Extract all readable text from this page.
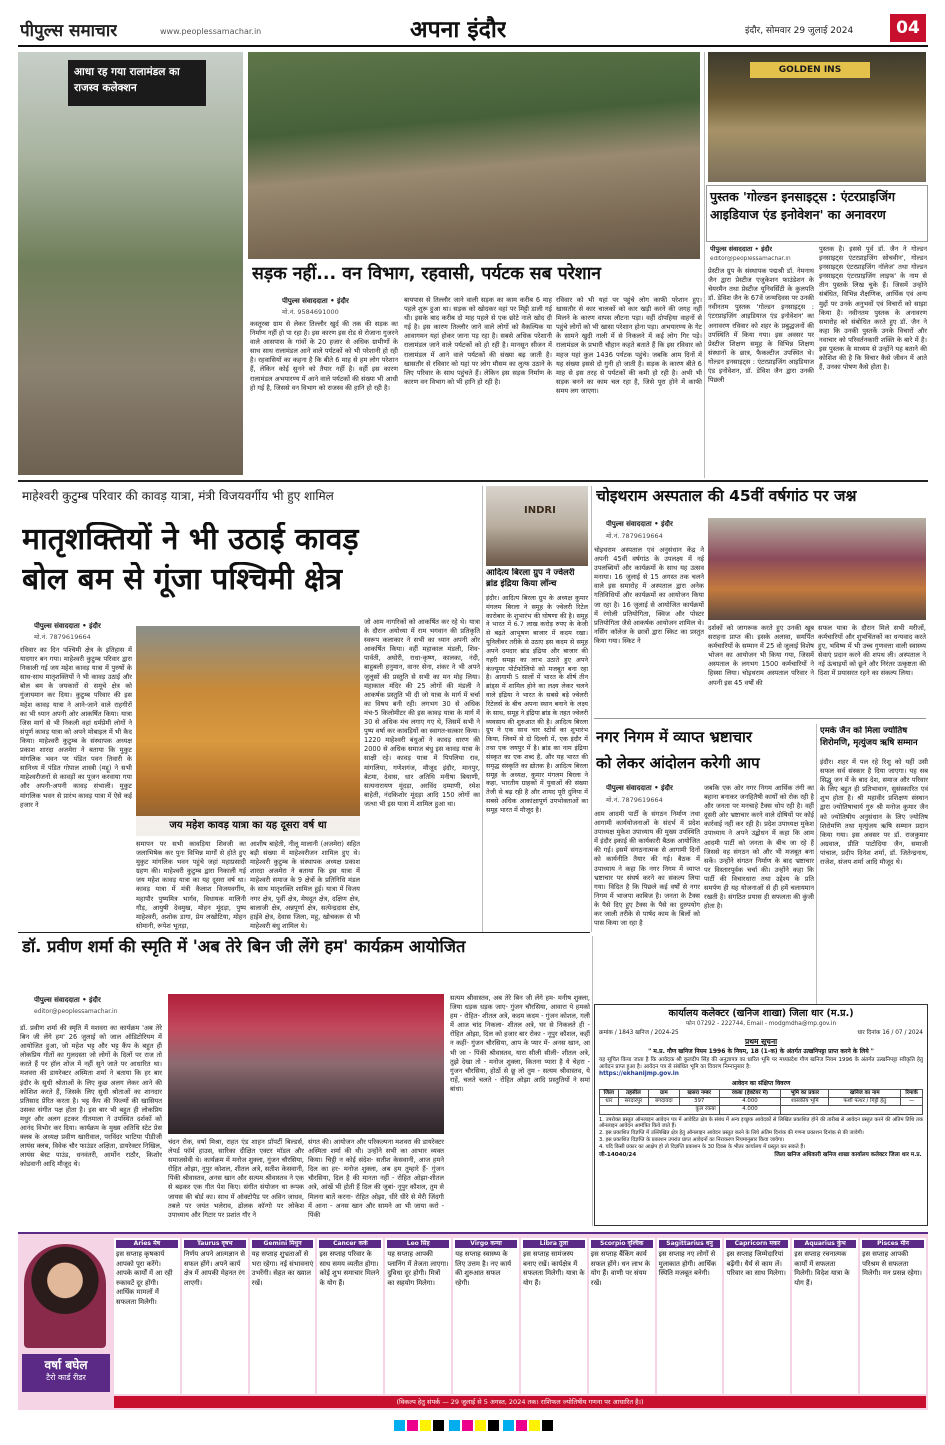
पीपुल्स समाचार	www.peoplessamachar.in	अपना इंदौर	इंदौर, सोमवार 29 जुलाई 2024	04
आधा रह गया रालामंडल का राजस्व कलेक्शन
सड़क नहीं... वन विभाग, रहवासी, पर्यटक सब परेशान
पीपुल्स संवाददाता • इंदौर
मो.नं. 9584691000
कस्तूरबा ग्राम से लेकर तिल्लौर खुर्द की तक की सड़क का निर्माण नहीं हो पा रहा है। इस कारण इस रोड से रोजाना गुजरने वाले आसपास के गांवों के 20 हजार से अधिक ग्रामीणों के साथ साथ रालामंडल आने वाले पर्यटकों को भी परेशानी हो रही है। रहवासियों का कहना है कि बीते 6 माह से हम लोग परेशान हैं, लेकिन कोई सुनने को तैयार नहीं है। वहीं इस कारण रालामंडल अभयारण्य में आने वाले पर्यटकों की संख्या भी आधी हो गई है, जिससे वन विभाग को राजस्व की हानि हो रही है।
बायपास से तिल्लौर जाने वाली सड़क का काम करीब 6 माह पहले शुरू हुआ था। सड़क को खोदकर वहां पर मिट्टी डाली गई थी। इसके बाद करीब दो माह पहले से एक छोटे नाले खोद दी गई है। इस कारण तिल्लौर जाने वाले लोगों को वैकल्पिक या आवागमन यहां होकर जाना पड़ रहा है। सबसे अधिक परेशानी रालामंडल जाने वाले पर्यटकों को हो रही है। मानसून सीजन में रालामंडल में आने वाले पर्यटकों की संख्या बढ़ जाती है। खासतौर से रविवार को यहां पर लोग मौसम का लुत्फ उठाने के लिए परिवार के साथ पहुंचते हैं। लेकिन इस सड़क निर्माण के कारण वन विभाग को भी हानि हो रही है।
रविवार को भी यहां पर पहुंचे लोग काफी परेशान हुए। खासतौर से कार चालकों को कार खड़ी करने की जगह नहीं मिलने के कारण वापस लौटना पड़ा। वहीं दोपहिया वाहनों से पहुंचे लोगों को भी खासा परेशान होना पड़ा। अभयारण्य के गेट के सामने खुदी नाली में से निकलने में कई लोग गिर पड़े। रालामंडल के प्रभारी चौहान कहते बताते हैं कि इस रविवार को महज यहां कुल 1436 पर्यटक पहुंचे। जबकि आम दिनों में यह संख्या इससे दो गुनी हो जाती है। सड़क के कारण बीते 6 माह से इस तरह से पर्यटकों की कमी हो रही है। अभी भी सड़क बनने का काम चल रहा है, जिसे पूरा होने में काफी समय लग जाएगा।
GOLDEN INS
पुस्तक 'गोल्डन इनसाइट्स : एंटरप्राइजिंग आइडियाज एंड इनोवेशन' का अनावरण
पीपुल्स संवाददाता • इंदौर
editor@peoplessamachar.in
प्रेस्टीज ग्रुप के संस्थापक पद्मश्री डॉ. नेमनाथ जैन द्वारा प्रेस्टीज एजुकेशन फाउंडेशन के चेयरमैन तथा प्रेस्टीज यूनिवर्सिटी के कुलपति डॉ. डेविश जैन के 67वें जन्मदिवस पर उनकी नवीनतम पुस्तक 'गोल्डन इनसाइट्स : एंटरप्राइजिंग आइडियाज एंड इनोवेशन' का अनावरण रविवार को शहर के प्रबुद्धजनों की उपस्थिति में किया गया। इस अवसर पर प्रेस्टीज शिक्षण समूह के विभिन्न शिक्षण संस्थानों के छात्र, फैकल्टीज उपस्थित थे। गोल्डन इनसाइट्स : एंटरप्राइजिंग आइडियाज एंड इनोवेशन, डॉ. डेविश जैन द्वारा उनकी पिछली
पुस्तक है। इससे पूर्व डॉ. जैन ने गोल्डन इनसाइट्स एंटरप्राइजिंग सोचवीन', गोल्डन इनसाइट्स एंटरप्राइजिंग नॉलेज' तथा गोल्डन इनसाइट्स एंटरप्राइजिंग लाइफ' के नाम से तीन पुस्तकें लिख चुके हैं। जिसमें उन्होंने संबंधित, विभिन्न शैक्षणिक, आर्थिक एवं अन्य मुद्दों पर उनके अनुभवों एवं विचारों को साझा किया है। नवीनतम पुस्तक के अनावरण समारोह को संबोधित करते हुए डॉ. जैन ने कहा कि उनकी पुस्तकें उनके विचारों और नवाचार को परिवर्तनकारी शक्ति के बारे में है। इस पुस्तक के माध्यम से उन्होंने यह बताने की कोशिश की है कि विचार कैसे जीवन में आते हैं, उनका पोषण कैसे होता है।
माहेश्वरी कुटुम्ब परिवार की कावड़ यात्रा, मंत्री विजयवर्गीय भी हुए शामिल
मातृशक्तियों ने भी उठाई कावड़
बोल बम से गूंजा पश्चिमी क्षेत्र
पीपुल्स संवाददाता • इंदौर
मो.नं. 7879619664
रविवार का दिन पश्चिमी क्षेत्र के इतिहास में यादगार बन गया। माहेश्वरी कुटुम्ब परिवार द्वारा निकाली गई जय महेश कावड़ यात्रा में पुरुषों के साथ-साथ मातृशक्तियों ने भी कावड़ उठाई और बोल बम के जयकारों से समूचे क्षेत्र को गुंजायमान कर दिया। कुटुम्ब परिवार की इस महेश कावड़ यात्रा ने आने-जाने वाले राहगीरों का भी ध्यान अपनी ओर आकर्षित किया। यात्रा जिस मार्ग से भी निकली वहां धर्मप्रेमी लोगों ने संपूर्ण कावड़ यात्रा को अपने मोबाइल में भी कैद किया। माहेश्वरी कुटुम्ब के संस्थापक अध्यक्ष प्रकाश शारदा अजमेरा ने बताया कि मुकुट मांगलिक भवन पर पंडित पवन तिवारी के सानिध्य में पंडित गोपाल शास्त्री (मद्दू) ने सभी माहेश्वरीजनों से कावड़ों का पूजन करवाया गया और अपनी-अपनी कावड़ संभाली। मुकुट मांगलिक भवन से प्रारंभ कावड़ यात्रा में ऐसे कई हजार ने
जय महेश कावड़ यात्रा का यह दूसरा वर्ष था
समापन पर सभी कावड़िया शिवजी का जलाभिषेक कर पुनः विभिन्न मार्गों से होते हुए मुकुट मांगलिक भवन पहुंचे जहां महाप्रसादी ग्रहण की। माहेश्वरी कुटुम्ब द्वारा निकाली गई जय महेश कावड़ यात्रा का यह दूसरा वर्ष था। कावड़ यात्रा में मंत्री कैलाश विजयवर्गीय, महापौर पुष्यमित्र भार्गव, विधायक मालिनी गौड़, आयुषी देवमुख, मोहन मूंदड़ा, पुष्प माहेश्वरी, अशोक डागा, प्रेम लखोटिया, मोहन सोमानी, रूपेश भूतड़ा,
आशीष बाहेती, नीलू मालानी (अजमेरा) सहित बड़ी संख्या में माहेश्वरीजन शामिल हुए थे। माहेश्वरी कुटुम्ब के संस्थापक अध्यक्ष प्रकाश शारदा अजमेरा ने बताया कि इस यात्रा में माहेश्वरी समाज के 9 क्षेत्रों के प्रतिनिधि मंडल के साथ मातृशक्ति शामिल हुई। यात्रा में विजय नगर क्षेत्र, पूर्वी क्षेत्र, मेघदूत क्षेत्र, दक्षिण क्षेत्र, बालाजी क्षेत्र, अन्नपूर्णा क्षेत्र, सत्येन्द्रदास क्षेत्र, हाईवे क्षेत्र, देवास जिला, महू, खोचकरू से भी माहेश्वरी बंधु शामिल थे।
जो आम नागरिकों को आकर्षित कर रहे थे। यात्रा के दौरान अयोध्या में राम भगवान की प्रतिकृति स्वरूप कलाकार ने सभी का ध्यान अपनी ओर आकर्षित किया। वहीं महाकाल मंडली, शिव-पार्वती, अघोरी, राधा-कृष्ण, कालका, नंदी, बाहुबली हनुमान, वानर सेना, शंकर ने भी अपने जुलूसों की प्रस्तुति से सभी का मन मोह लिया। महाकाल मंदिर की 25 लोगों की मंडली ने आकर्षक प्रस्तुति भी दी जो यात्रा के मार्ग में चर्चा का विषय बनी रही। लगभग 30 से अधिक मंच-5 किलोमीटर की इस कावड़ यात्रा के मार्ग में 30 से अधिक मंच लगाए गए थे, जिसमें सभी ने पुष्प वर्षा कर कावड़ियों का स्वागत-सत्कार किया। 1220 माहेश्वरी बंधुओं ने कावड़ धारण की 2000 से अधिक समाज बंधु इस कावड़ यात्रा के साक्षी रहे। कावड़ यात्रा में पिपलिया राव, मांगलिया, गणेशगंज, मौजूद इंदौर, मानपुर, बेटमा, देवास, धार अतिथि मनीषा बियाणी, सत्यनारायण मूंदड़ा, अरविंद दम्माणी, रमेश बाहेती, नंदकिशोर मूंदड़ा आदि 150 लोगों का जत्था भी इस यात्रा में शामिल हुआ था।
INDRI
आदित्य बिरला ग्रुप ने ज्वेलरी ब्रांड इंद्रिया किया लॉन्च
इंदौर। आदित्य बिरला ग्रुप के अध्यक्ष कुमार मंगलम बिरला ने समूह के ज्वेलरी रिटेल कारोबार के शुभारंभ की घोषणा की है। समूह ने भारत में 6.7 लाख करोड़ रुपए के केजी से बढ़ते आभूषण बाजार में कदम रखा। यूनिलीवर तरीके से उठाए इस कदम से समूह अपने दमदार ब्रांड इंद्रिया और बाजार की गहरी समझ का लाभ उठाते हुए अपने कंज्यूमर पोर्टफोलियो को मजबूत बना रहा है। आगामी 5 सालों में भारत के शीर्ष तीन ब्रांड्स में शामिल होने का लक्ष्य लेकर चलने वाले इंद्रिया ने भारत के सबसे बड़े ज्वेलरी रिटेलर्स के बीच अपना स्थान बनाने के लक्ष्य के साथ, समूह ने इंद्रिया ब्रांड के तहत ज्वेलरी व्यवसाय की शुरुआत की है। आदित्य बिरला ग्रुप ने एक साथ चार स्टोर्स का शुभारंभ किया, जिनमें से दो दिल्ली में, एक इंदौर में तथा एक जयपुर में है। ब्रांड का नाम इंद्रिया संस्कृत का एक शब्द है, और यह भारत की समृद्ध संस्कृति का द्योतक है। आदित्य बिरला समूह के अध्यक्ष, कुमार मंगलम बिरला ने कहा, भारतीय ग्राहकों में युवाओं की संख्या तेजी से बढ़ रही है और शायद पूरी दुनिया में सबसे अधिक आकांक्षापूर्ण उपभोक्ताओं का समूह भारत में मौजूद है।
चोइथराम अस्पताल की 45वीं वर्षगांठ पर जश्न
पीपुल्स संवाददाता • इंदौर
मो.नं. 7879619664
चोइथराम अस्पताल एवं अनुसंधान केंद्र ने अपनी 45वीं वर्षगांठ के उपलक्ष्य में नई उपलब्धियों और कार्यक्रमों के साथ यह उत्सव मनाया। 16 जुलाई से 15 अगस्त तक चलने वाले इस समारोह में अस्पताल द्वारा अनेक गतिविधियों और कार्यक्रमों का आयोजन किया जा रहा है। 16 जुलाई से आयोजित कार्यक्रमों में रंगोली प्रतियोगिता, क्विज और पोस्टर प्रतियोगिता जैसे आकर्षक आयोजन शामिल थे। नर्सिंग कॉलेज के छात्रों द्वारा स्किट का प्रस्तुत किया गया। स्किट ने
दर्शकों को जागरूक करते हुए उनकी खूब सराहना प्राप्त की। इसके अलावा, समर्पित कर्मचारियों के सम्मान में 25 वो जुलाई विशेष भोजन का आयोजन भी किया गया, जिसमें अस्पताल के लगभग 1500 कर्मचारियों ने हिस्सा लिया। चोइथराम अस्पताल परिवार ने अपनी इस 45 वर्षों की
सफल यात्रा के दौरान मिले सभी मरीजों, कर्मचारियों और शुभचिंतकों का धन्यवाद करते हुए, भविष्य में भी उच्च गुणवत्ता वाली स्वास्थ्य सेवाएं प्रदान करने की शपथ ली। अस्पताल ने नई ऊंचाइयों को छूने और निरंतर उत्कृष्टता की दिशा में प्रयासरत रहने का संकल्प लिया।
नगर निगम में व्याप्त भ्रष्टाचार
को लेकर आंदोलन करेगी आप
पीपुल्स संवाददाता • इंदौर
मो.नं. 7879619664
आम आदमी पार्टी के संगठन निर्माण तथा आगामी कार्ययोजनाओं के संदर्भ में प्रदेश उपाध्यक्ष मुकेश उपाध्याय की मुख्य उपस्थिति में इंदौर इकाई की कार्यकारी बैठक आयोजित की गई। इसमें संगठनात्मक से आगामी दिनों को कार्यनीति तैयार की गई। बैठक में उपाध्याय ने कहा कि नगर निगम में व्याप्त भ्रष्टाचार पर संघर्ष करने का संकल्प लिया गया। विदित है कि पिछले कई वर्षों से नगर निगम में भाजपा काबिज है। जनता के टैक्स के पैसे दिए हुए टैक्स के पैसे का दुरुपयोग कर जाली तरीके से पार्षद काम के बिलों को पास किया जा रहा है
जबकि एक ओर नगर निगम आर्थिक तंगी का बहाना बनाकर जनहितैषी कार्यों को रोक रही है और जनता पर मनचाहे टैक्स थोप रही है। वहीं दूसरी ओर भ्रष्टाचार करने वाले दोषियों पर कोई कार्रवाई नहीं कर रही है। प्रदेश उपाध्यक्ष मुकेश उपाध्याय ने अपने उद्बोधन में कहा कि आम आदमी पार्टी को जनता के बीच जा रहे हैं जिससे वह संगठन को और भी मजबूत बना सकें। उन्होंने संगठन निर्माण के बाद भ्रष्टाचार पर विस्तारपूर्वक चर्चा की। उन्होंने कहा कि पार्टी की विचारधारा तथा उद्देश्य के प्रति समर्पण ही यह योजनाओं से ही हमें चलायमान रखती है। संगठित प्रयास ही सफलता की कुंजी होता है।
एमके जैन को मिला ज्योतिष शिरोमणि, मृत्युंजय ऋषि सम्मान
इंदौर। शहर में पल रहे रिशु को यहीं उसी सफल सर्व संस्कार है दिया जाएगा। यह सब सिद्धू जन में के बाद देश, समाज और परिवार के लिए बहुत ही प्रतिभावान, सुसंस्कारित एवं शुभ होता है। श्री महावीर प्रशिक्षण संस्थान द्वारा ज्योतिषाचार्य गुरु श्री मनोज कुमार जैन को ज्योतिषीय अनुसंधान के लिए ज्योतिष शिरोमणि तथा मृत्युंजय ऋषि सम्मान प्रदान किया गया। इस अवसर पर डॉ. राजकुमार अग्रवाल, प्रीति पाटोदिया जैन, समाजी पांचाल, प्रदीप दिनेश शर्मा, डॉ. जितेन्द्रनाथ, राजेश, संजय शर्मा आदि मौजूद थे।
डॉ. प्रवीण शर्मा की स्मृति में 'अब तेरे बिन जी लेंगे हम' कार्यक्रम आयोजित
पीपुल्स संवाददाता • इंदौर
editor@peoplessamachar.in
डॉ. प्रवीण शर्मा की स्मृति में मशवरा का कार्यक्रम 'अब तेरे बिन जी लेंगे हम' 26 जुलाई को जाल ऑडिटोरियम में आयोजित हुआ, जो महेश भट्ट और भट्ट कैंप के बहुत ही लोकप्रिय गीतों का गुलदस्ता जो लोगों के दिलों पर राज तो करते हैं पर हॉल शोज में नहीं सुने जाते पर आधारित था। मशवरा की डायरेक्टर अस्मिता शर्मा ने बताया कि हर बार इंदौर के सुधी श्रोताओं के लिए कुछ अलग लेकर आने की कोशिश करते हैं, जिसके लिए सुधी श्रोताओं का शानदार प्रतिसाद प्रेरित करता है। भट्ट कैंप की फिल्मों की खासियत उसका संगीत पक्ष होता है। इस बार भी बहुत ही लोकप्रिय मधुर और अलग हटकर गीतमाला ने उपस्थित दर्शकों को आनंद विभोर कर दिया। कार्यक्रम के मुख्य अतिथि स्टेट प्रेस क्लब के अध्यक्ष प्रवीण खारीवाल, परविंदर भाटिया पीडीजी लायंस क्लब, विवेक चौर फाउंडर अक्षिता, डायरेक्टर निखिल, लायंस बेस्ट पाउंड, धनवंतरी, आर्मोन राठौर, किशोर कोडवानी आदि मौजूद थे।
चंदन रोक, वर्षा मिश्रा, राहत एंड शाहन प्रॉपर्टी बिल्डर्स, लेपर्ड फॉर्म हाउस, सारिका दीक्षित एक्टर मॉडल और समाजसेवी थे। कार्यक्रम में मनोज शुक्ला, गुंजन चौरसिया, रोहित ओझा, नूपुर कोशल, शीतल अत्रे, सतीश केसवानी, पिंकी श्रीवास्तव, अनस खान और सत्यम श्रीवास्तव ने एक से बढ़कर एक गीत पेश किए। संगीत संयोजन था रूपक जायस की बोर्ड का। साथ में ऑक्टोपैड पर अविन जाधव, तबले पर जयंत भलेराव, ढोलक कॉन्गो पर लोकेश उपाध्याय और गिटार पर प्रशांत गौर ने
संगत की। आयोजन और परिकल्पना मशवरा की डायरेक्टर अस्मिता शर्मा की थी। उन्होंने सभी का आभार व्यक्त किया। चिट्ठी न कोई संदेश- सतीश केसवानी, आज हमने दिल का हर- मनोज शुक्ला, अब हम तुम्हारे हैं- गुंजन चौरसिया, दिल है की मानता नहीं - रोहित ओझा-शीतल अत्रे, आंखें भी होती हैं दिल की जुबां- नूपुर कौशल, तुम से मिलना बातें करना- रोहित ओझा, धीरे धीरे से मेरी जिंदगी में आना - अनस खान और सामने आ भी जाया करो - पिंकी
सत्यम श्रीवास्तव, अब तेरे बिन जी लेंगे हम- मनीष शुक्ला, जिया धड़क धड़क जाए- गुंजन चौरसिया, आवारा ये हमको हम - रोहित- शीतल अत्रे, कदम कदम - गुंजन कोशल, गली में आज चांद निकला- शीतल अत्रे, घर से निकलते ही - रोहित ओझा, दिल को हजार बार रोका - नूपुर कौशल, कहीं न कहीं- गुंजन चौरसिया, आप के प्यार में- अनस खान, आ भी जा - पिंकी श्रीवास्तव, यारा सीली सीली- शीतल अत्रे, तुझे देखा तो - मनोज शुक्ला, कितना प्यारा है ये चेहरा - गुंजन चौरसिया, होठों से छू लो तुम - सत्यम श्रीवास्तव, ये राहें, चलते चलते - रोहित ओझा आदि प्रस्तुतियों ने समां बांधा।
कार्यालय कलेक्टर (खनिज शाखा) जिला धार (म.प्र.)
फोन 07292 - 222744, Email - modgmdha@mp.gov.in
क्रमांक / 1843 खनिज / 2024-25	धार दिनांक 16 / 07 / 2024
प्रथम सूचना
" म.प्र. गौण खनिज नियम 1996 के नियम, 18 (1-क) के अंतर्गत उत्खनिपट्टा प्राप्त करने के लिये "
यह सूचित किया जाता है कि आवेदक श्री कुलदीप सिंह की अनुज्ञापत्र का धारित भूमि पर मध्यप्रदेश गौण खनिज नियम 1996 के अंतर्गत उत्खनिपट्टा स्वीकृति हेतु आवेदन प्राप्त हुआ है। आवेदन पत्र से संबंधित भूमि का विवरण निम्नानुसार है:
https://ekhanijmp.gov.in
आवेदन का संक्षिप्त विवरण
जिला	तहसील	ग्राम	खसरा नम्बर	रकबा (हेक्टेयर में)	भूमि का प्रकार	खनिज का नाम	रिमार्क
धार	सरदारपुर	बगदावदा	397	4.000	शासकीय भूमि	फर्शी पत्थर / गिट्टी हेतु	—
कुल रकबा				4.000			
1. उपरोक्त प्रस्तुत ऑनलाइन आवेदन पत्र में आवेदित क्षेत्र के संबंध में अन्य इच्छुक आवेदकों से लिखित प्रकाशित होने की तारीख से आवेदन प्रस्तुत करने की अंतिम तिथि तक ऑनलाइन आवेदन आमंत्रित किये जाते हैं।
2. इस प्रकाशित विज्ञप्ति में उल्लिखित क्षेत्र हेतु ऑनलाइन आवेदन प्रस्तुत करने के लिये अंतिम दिनांक की गणना प्रकाशन दिनांक से की जावेगी।
3. इस प्रकाशित विज्ञप्ति के प्रकाशन उपरांत प्राप्त आवेदनों का निराकरण नियमानुसार किया जावेगा।
4. यदि किसी प्रकार का आक्षेप हो तो विज्ञप्ति प्रकाशन के 30 दिवस के भीतर कार्यालय में प्रस्तुत कर सकते हैं।
जी-14040/24	जिला खनिज अधिकारी खनिज शाखा कार्यालय कलेक्टर जिला धार म.प्र.
वर्षा बघेल
टैरो कार्ड रीडर
Aries मेष
इस सप्ताह कृषकार्य आपको पूरा करेंगे। आपके कार्यों में आ रही रुकावटें दूर होंगी। आर्थिक मामलों में सफलता मिलेगी।
Taurus वृषभ
निर्णय अपने आत्मज्ञान से सफल होंगे। अपने कार्य क्षेत्र में आपकी मेहनत रंग लाएगी।
Gemini मिथुन
यह सप्ताह शुभ्रताओं से भरा रहेगा। नई संभावनाएं उभरेंगी। सेहत का ख्याल रखें।
Cancer कर्क
इस सप्ताह परिवार के साथ समय व्यतीत होगा। कोई शुभ समाचार मिलने के योग हैं।
Leo सिंह
यह सप्ताह आपकी प्लानिंग में तेजता लाएगा। दुविधा दूर होगी। मित्रों का सहयोग मिलेगा।
Virgo कन्या
यह सप्ताह स्वास्थ्य के लिए उत्तम है। नए कार्य की शुरुआत सफल रहेगी।
Libra तुला
इस सप्ताह सामंजस्य बनाए रखें। कार्यक्षेत्र में सफलता मिलेगी। यात्रा के योग हैं।
Scorpio वृश्चिक
इस सप्ताह बैंकिंग कार्य सफल होंगे। धन लाभ के योग हैं। वाणी पर संयम रखें।
Sagittarius धनु
इस सप्ताह नए लोगों से मुलाकात होगी। आर्थिक स्थिति मजबूत बनेगी।
Capricorn मकर
इस सप्ताह जिम्मेदारियां बढ़ेंगी। धैर्य से काम लें। परिवार का साथ मिलेगा।
Aquarius कुंभ
इस सप्ताह रचनात्मक कार्यों में सफलता मिलेगी। विदेश यात्रा के योग हैं।
Pisces मीन
इस सप्ताह आपकी परिश्रम से सफलता मिलेगी। मन प्रसन्न रहेगा।
(विकल्प हेतु संपर्क — 29 जुलाई से 5 अगस्त, 2024 तक। राशिफल ज्योतिषीय गणना पर आधारित है।)
